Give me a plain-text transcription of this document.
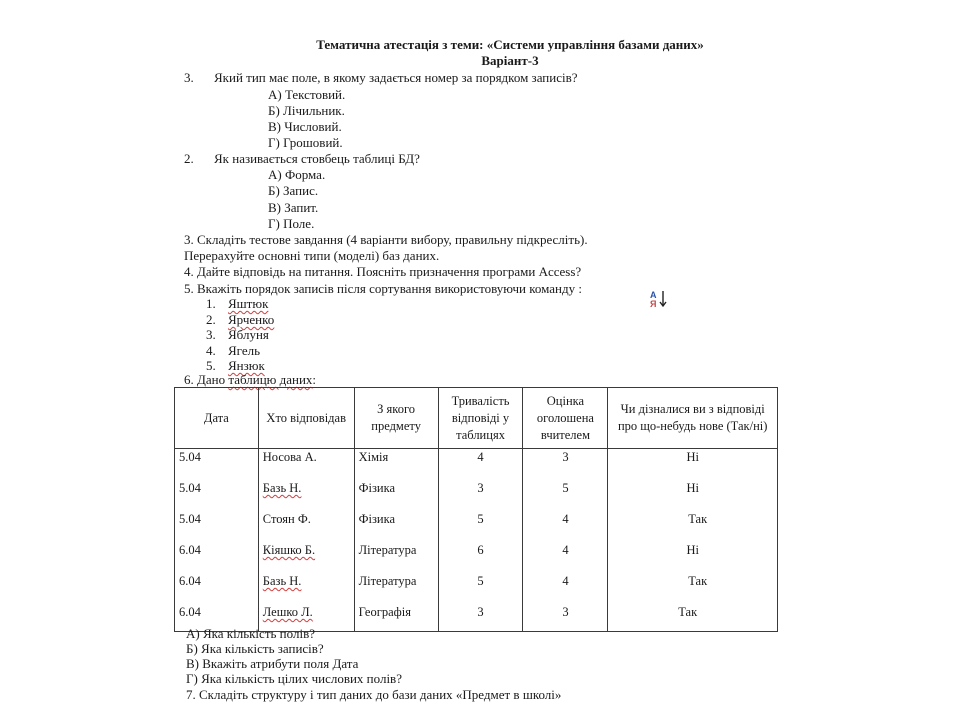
Тематична атестація з теми: «Системи управління базами даних»
Варіант-3
3. Який тип має поле, в якому задається номер за порядком записів?
А) Текстовий.
Б) Лічильник.
В) Числовий.
Г) Грошовий.
2. Як називається стовбець таблиці БД?
А) Форма.
Б) Запис.
В) Запит.
Г) Поле.
3. Складіть тестове завдання (4 варіанти вибору, правильну підкресліть).
Перерахуйте основні типи (моделі) баз даних.
4. Дайте відповідь на питання. Поясніть призначення програми Access?
5. Вкажіть порядок записів після сортування використовуючи команду :	А
Я
1. Яштюк
2. Ярченко
3. Яблуня
4. Ягель
5. Янзюк
6. Дано таблицю даних:
Дата	Хто відповідав	З якого предмету	Тривалість відповіді у таблицях	Оцінка оголошена вчителем	Чи дізналися ви з відповіді про що-небудь нове (Так/ні)
5.04	Носова А.	Хімія	4	3	Ні
5.04	Базь Н.	Фізика	3	5	Ні
5.04	Стоян Ф.	Фізика	5	4	Так
6.04	Кіяшко Б.	Література	6	4	Ні
6.04	Базь Н.	Література	5	4	Так
6.04	Лешко Л.	Географія	3	3	Так
А) Яка кількість полів?
Б) Яка кількість записів?
В) Вкажіть атрибути поля Дата
Г) Яка кількість цілих числових полів?
7. Складіть структуру і тип даних до бази даних «Предмет в школі»
